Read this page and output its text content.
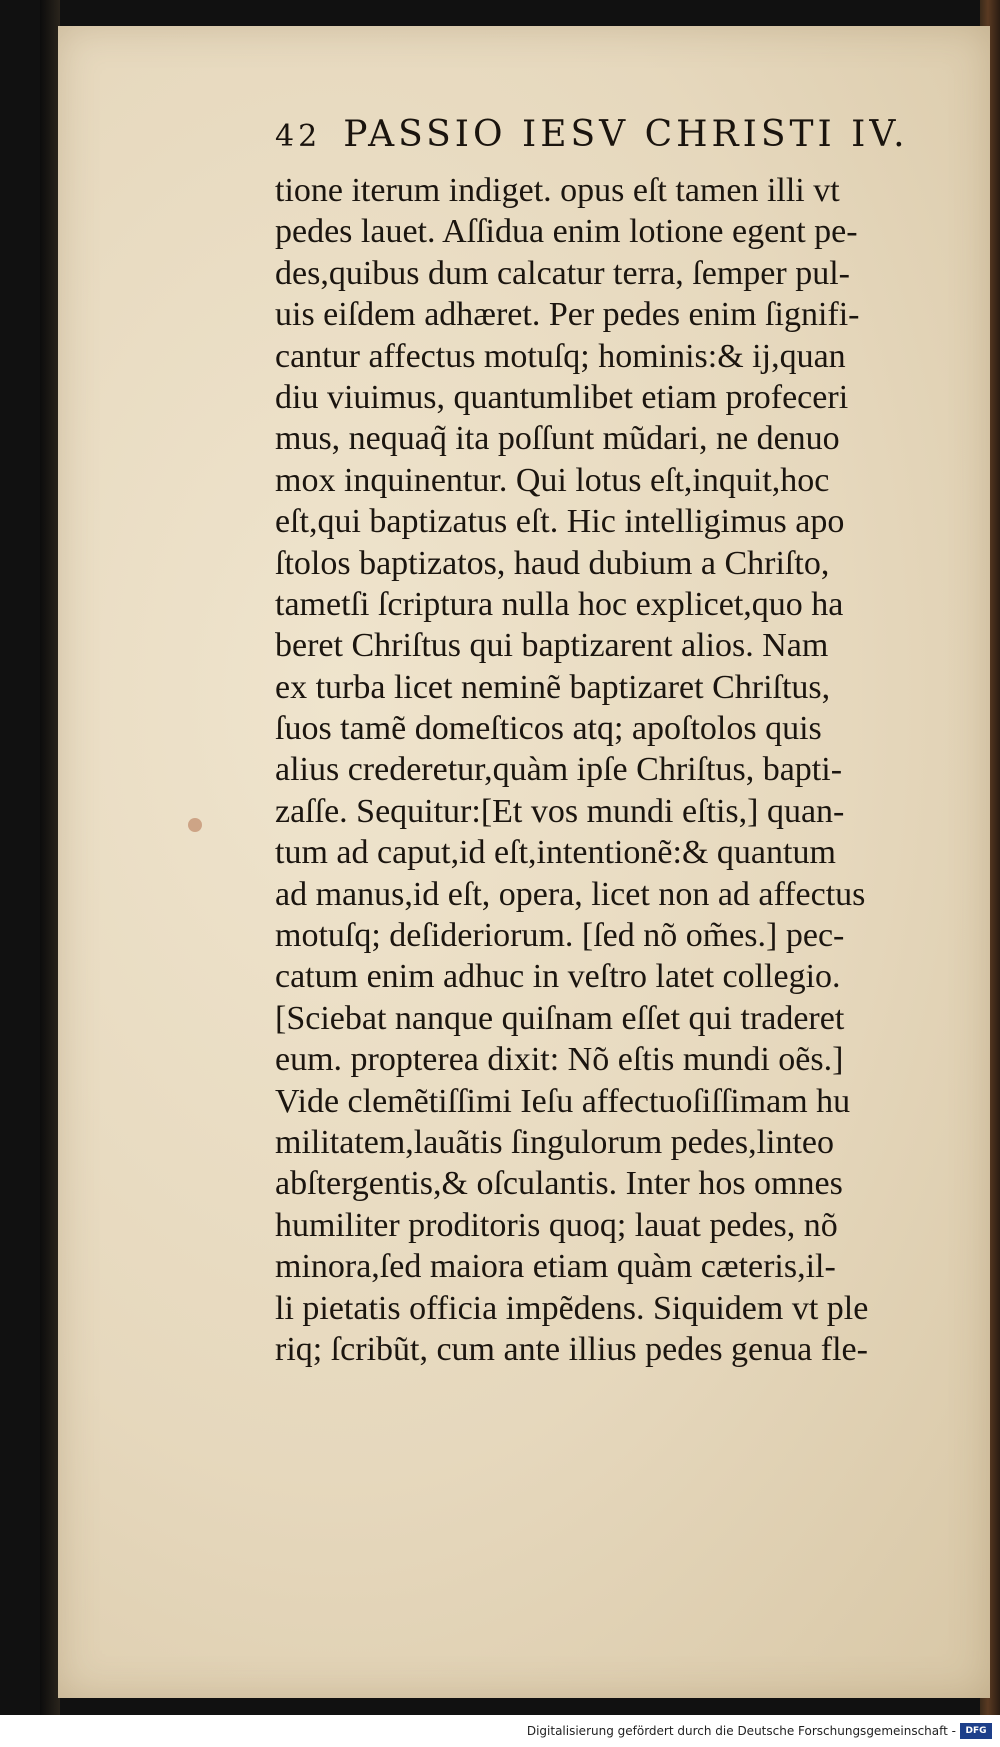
42 PASSIO IESV CHRISTI IV.
tione iterum indiget. opus eſt tamen illi vt
pedes lauet. Aſſidua enim lotione egent pe-
des,quibus dum calcatur terra, ſemper pul-
uis eiſdem adhæret. Per pedes enim ſignifi-
cantur affectus motuſq; hominis:& ij,quan
diu viuimus, quantumlibet etiam profeceri
mus, nequaq̃ ita poſſunt mũdari, ne denuo
mox inquinentur. Qui lotus eſt,inquit,hoc
eſt,qui baptizatus eſt. Hic intelligimus apo
ſtolos baptizatos, haud dubium a Chriſto,
tametſi ſcriptura nulla hoc explicet,quo ha
beret Chriſtus qui baptizarent alios. Nam
ex turba licet neminẽ baptizaret Chriſtus,
ſuos tamẽ domeſticos atq; apoſtolos quis
alius crederetur,quàm ipſe Chriſtus, bapti-
zaſſe. Sequitur:[Et vos mundi eſtis,] quan-
tum ad caput,id eſt,intentionẽ:& quantum
ad manus,id eſt, opera, licet non ad affectus
motuſq; deſideriorum. [ſed nõ om̃es.] pec-
catum enim adhuc in veſtro latet collegio.
[Sciebat nanque quiſnam eſſet qui traderet
eum. propterea dixit: Nõ eſtis mundi oẽs.]
Vide clemẽtiſſimi Ieſu affectuoſiſſimam hu
militatem,lauãtis ſingulorum pedes,linteo
abſtergentis,& oſculantis. Inter hos omnes
humiliter proditoris quoq; lauat pedes, nõ
minora,ſed maiora etiam quàm cæteris,il-
li pietatis officia impẽdens. Siquidem vt ple
riq; ſcribũt, cum ante illius pedes genua fle-
Digitalisierung gefördert durch die Deutsche Forschungsgemeinschaft -	DFG
